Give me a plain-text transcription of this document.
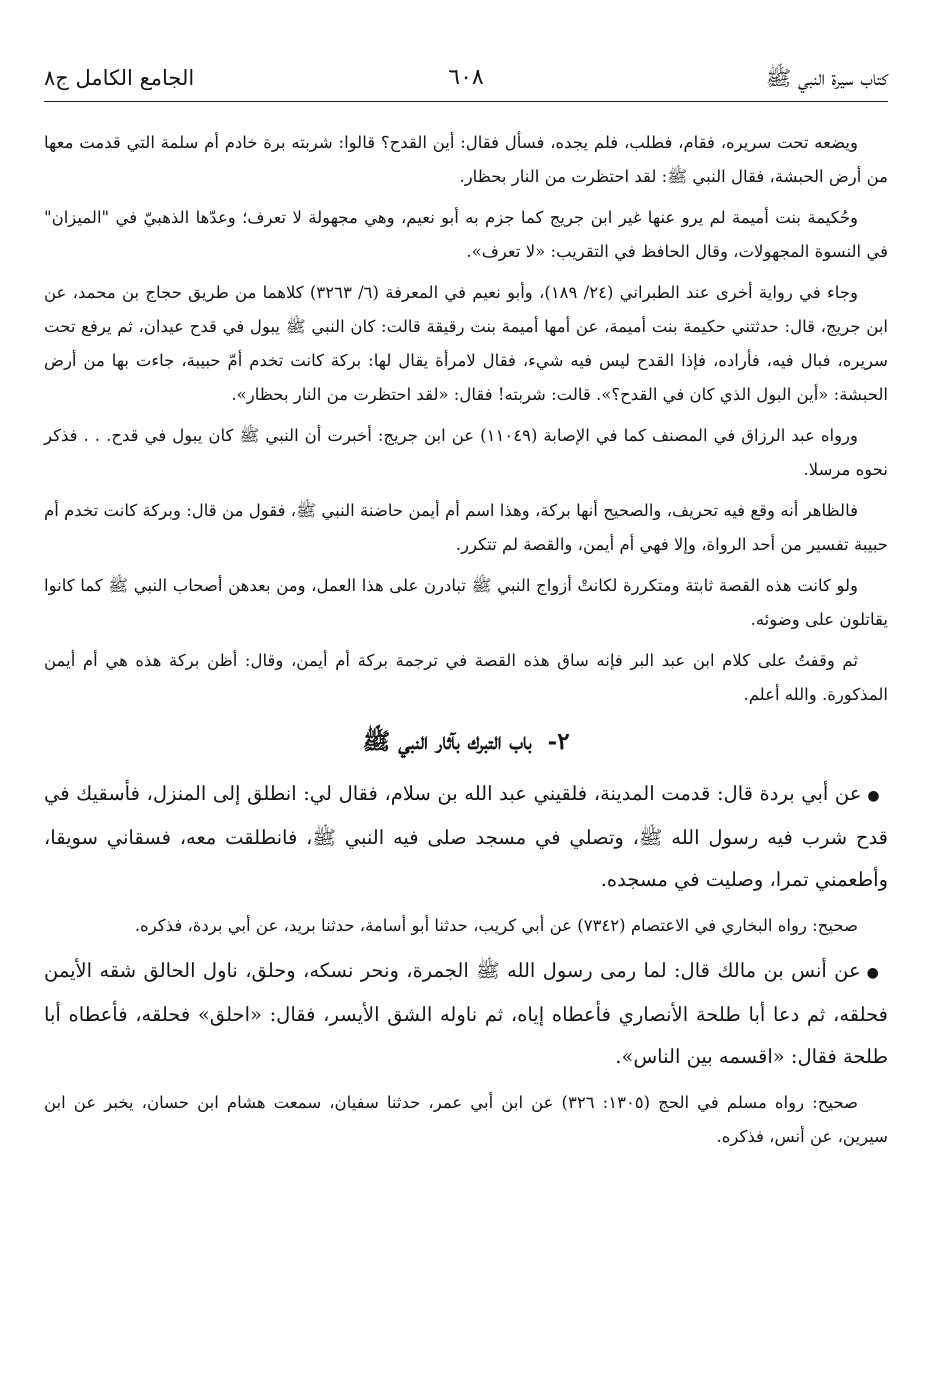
كتاب سيرة النبي ﷺ
٦٠٨
الجامع الكامل ج٨

ويضعه تحت سريره، فقام، فطلب، فلم يجده، فسأل فقال: أين القدح؟ قالوا: شربته برة خادم أم سلمة التي قدمت معها من أرض الحبشة، فقال النبي ﷺ: لقد احتظرت من النار بحظار.

وحُكيمة بنت أميمة لم يرو عنها غير ابن جريج كما جزم به أبو نعيم، وهي مجهولة لا تعرف؛ وعدّها الذهبيّ في "الميزان" في النسوة المجهولات، وقال الحافظ في التقريب: «لا تعرف».

وجاء في رواية أخرى عند الطبراني (٢٤/ ١٨٩)، وأبو نعيم في المعرفة (٦/ ٣٢٦٣) كلاهما من طريق حجاج بن محمد، عن ابن جريج، قال: حدثتني حكيمة بنت أميمة، عن أمها أميمة بنت رقيقة قالت: كان النبي ﷺ يبول في قدح عيدان، ثم يرفع تحت سريره، فبال فيه، فأراده، فإذا القدح ليس فيه شيء، فقال لامرأة يقال لها: بركة كانت تخدم أمّ حبيبة، جاءت بها من أرض الحبشة: «أين البول الذي كان في القدح؟». قالت: شربته! فقال: «لقد احتظرت من النار بحظار».

ورواه عبد الرزاق في المصنف كما في الإصابة (١١٠٤٩) عن ابن جريج: أخبرت أن النبي ﷺ كان يبول في قدح. . . فذكر نحوه مرسلا.

فالظاهر أنه وقع فيه تحريف، والصحيح أنها بركة، وهذا اسم أم أيمن حاضنة النبي ﷺ، فقول من قال: وبركة كانت تخدم أم حبيبة تفسير من أحد الرواة، وإلا فهي أم أيمن، والقصة لم تتكرر.

ولو كانت هذه القصة ثابتة ومتكررة لكانتْ أزواج النبي ﷺ تبادرن على هذا العمل، ومن بعدهن أصحاب النبي ﷺ كما كانوا يقاتلون على وضوئه.

ثم وقفتُ على كلام ابن عبد البر فإنه ساق هذه القصة في ترجمة بركة أم أيمن، وقال: أظن بركة هذه هي أم أيمن المذكورة. والله أعلم.

٢- باب التبرك بآثار النبي ﷺ

●عن أبي بردة قال: قدمت المدينة، فلقيني عبد الله بن سلام، فقال لي: انطلق إلى المنزل، فأسقيك في قدح شرب فيه رسول الله ﷺ، وتصلي في مسجد صلى فيه النبي ﷺ، فانطلقت معه، فسقاني سويقا، وأطعمني تمرا، وصليت في مسجده.

صحيح: رواه البخاري في الاعتصام (٧٣٤٢) عن أبي كريب، حدثنا أبو أسامة، حدثنا بريد، عن أبي بردة، فذكره.

●عن أنس بن مالك قال: لما رمى رسول الله ﷺ الجمرة، ونحر نسكه، وحلق، ناول الحالق شقه الأيمن فحلقه، ثم دعا أبا طلحة الأنصاري فأعطاه إياه، ثم ناوله الشق الأيسر، فقال: «احلق» فحلقه، فأعطاه أبا طلحة فقال: «اقسمه بين الناس».

صحيح: رواه مسلم في الحج (١٣٠٥: ٣٢٦) عن ابن أبي عمر، حدثنا سفيان، سمعت هشام ابن حسان، يخبر عن ابن سيرين، عن أنس، فذكره.
